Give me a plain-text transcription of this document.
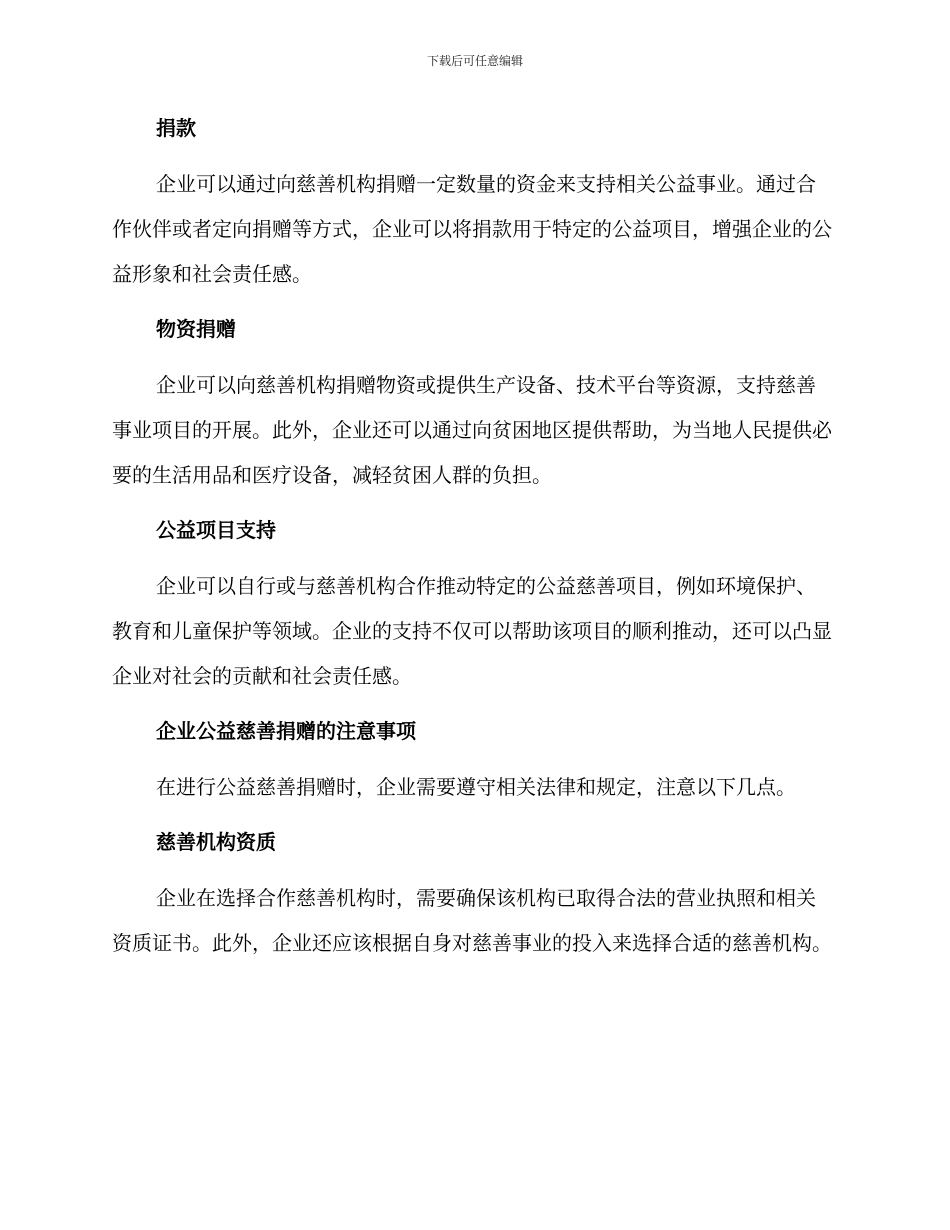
下载后可任意编辑
捐款

企业可以通过向慈善机构捐赠一定数量的资金来支持相关公益事业。通过合作伙伴或者定向捐赠等方式，企业可以将捐款用于特定的公益项目，增强企业的公益形象和社会责任感。

物资捐赠

企业可以向慈善机构捐赠物资或提供生产设备、技术平台等资源，支持慈善事业项目的开展。此外，企业还可以通过向贫困地区提供帮助，为当地人民提供必要的生活用品和医疗设备，减轻贫困人群的负担。

公益项目支持

企业可以自行或与慈善机构合作推动特定的公益慈善项目，例如环境保护、教育和儿童保护等领域。企业的支持不仅可以帮助该项目的顺利推动，还可以凸显企业对社会的贡献和社会责任感。

企业公益慈善捐赠的注意事项

在进行公益慈善捐赠时，企业需要遵守相关法律和规定，注意以下几点。

慈善机构资质

企业在选择合作慈善机构时，需要确保该机构已取得合法的营业执照和相关资质证书。此外，企业还应该根据自身对慈善事业的投入来选择合适的慈善机构。
